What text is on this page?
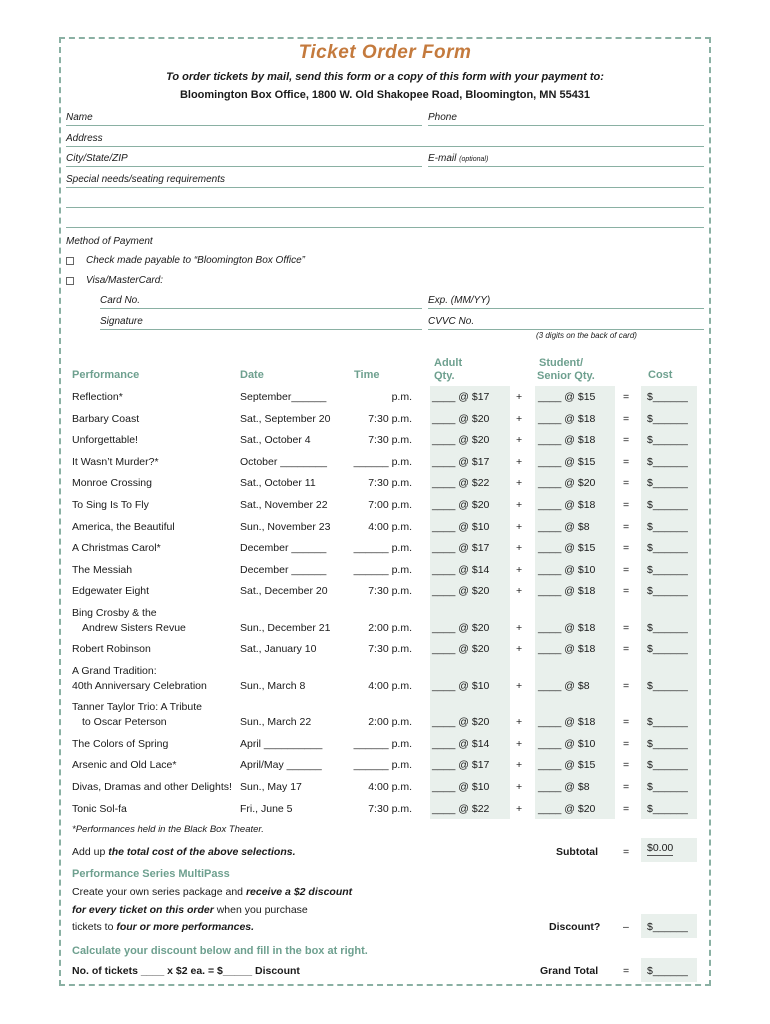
Ticket Order Form
To order tickets by mail, send this form or a copy of this form with your payment to:
Bloomington Box Office, 1800 W. Old Shakopee Road, Bloomington, MN 55431
Name	Phone
Address
City/State/ZIP	E-mail (optional)
Special needs/seating requirements
Method of Payment
Check made payable to “Bloomington Box Office”
Visa/MasterCard:
Card No.	Exp. (MM/YY)
Signature	CVVC No.
(3 digits on the back of card)
Performance	Date	Time
Adult
Qty.
Student/
Senior Qty.	Cost
Reflection*	September______	p.m. ____ @ $17	+ ____ @ $15	= $______
Barbary Coast	Sat., September 20	7:30 p.m. ____ @ $20	+ ____ @ $18	= $______
Unforgettable!	Sat., October 4	7:30 p.m. ____ @ $20	+ ____ @ $18	= $______
It Wasn’t Murder?*	October ________	______ p.m. ____ @ $17	+ ____ @ $15	= $______
Monroe Crossing	Sat., October 11	7:30 p.m. ____ @ $22	+ ____ @ $20	= $______
To Sing Is To Fly	Sat., November 22	7:00 p.m. ____ @ $20	+ ____ @ $18	= $______
America, the Beautiful	Sun., November 23	4:00 p.m. ____ @ $10	+ ____ @ $8	= $______
A Christmas Carol*	December ______	______ p.m. ____ @ $17	+ ____ @ $15	= $______
The Messiah	December ______	______ p.m. ____ @ $14	+ ____ @ $10	= $______
Edgewater Eight	Sat., December 20	7:30 p.m. ____ @ $20	+ ____ @ $18	= $______
Bing Crosby & the
Andrew Sisters Revue	Sun., December 21	2:00 p.m. ____ @ $20	+ ____ @ $18	= $______
Robert Robinson	Sat., January 10	7:30 p.m. ____ @ $20	+ ____ @ $18	= $______
A Grand Tradition:
40th Anniversary Celebration	Sun., March 8	4:00 p.m. ____ @ $10	+ ____ @ $8	= $______
Tanner Taylor Trio: A Tribute
to Oscar Peterson	Sun., March 22	2:00 p.m. ____ @ $20	+ ____ @ $18	= $______
The Colors of Spring	April __________	______ p.m. ____ @ $14	+ ____ @ $10	= $______
Arsenic and Old Lace*	April/May ______	______ p.m. ____ @ $17	+ ____ @ $15	= $______
Divas, Dramas and other Delights! Sun., May 17	4:00 p.m. ____ @ $10	+ ____ @ $8	= $______
Tonic Sol-fa	Fri., June 5	7:30 p.m. ____ @ $22	+ ____ @ $20	= $______
*Performances held in the Black Box Theater.
Add up the total cost of the above selections.	Subtotal = $0.00
Performance Series MultiPass
Create your own series package and receive a $2 discount
for every ticket on this order when you purchase
tickets to four or more performances.	Discount? – $______
Calculate your discount below and fill in the box at right.
No. of tickets ____ x $2 ea. = $_____ Discount	Grand Total = $______
